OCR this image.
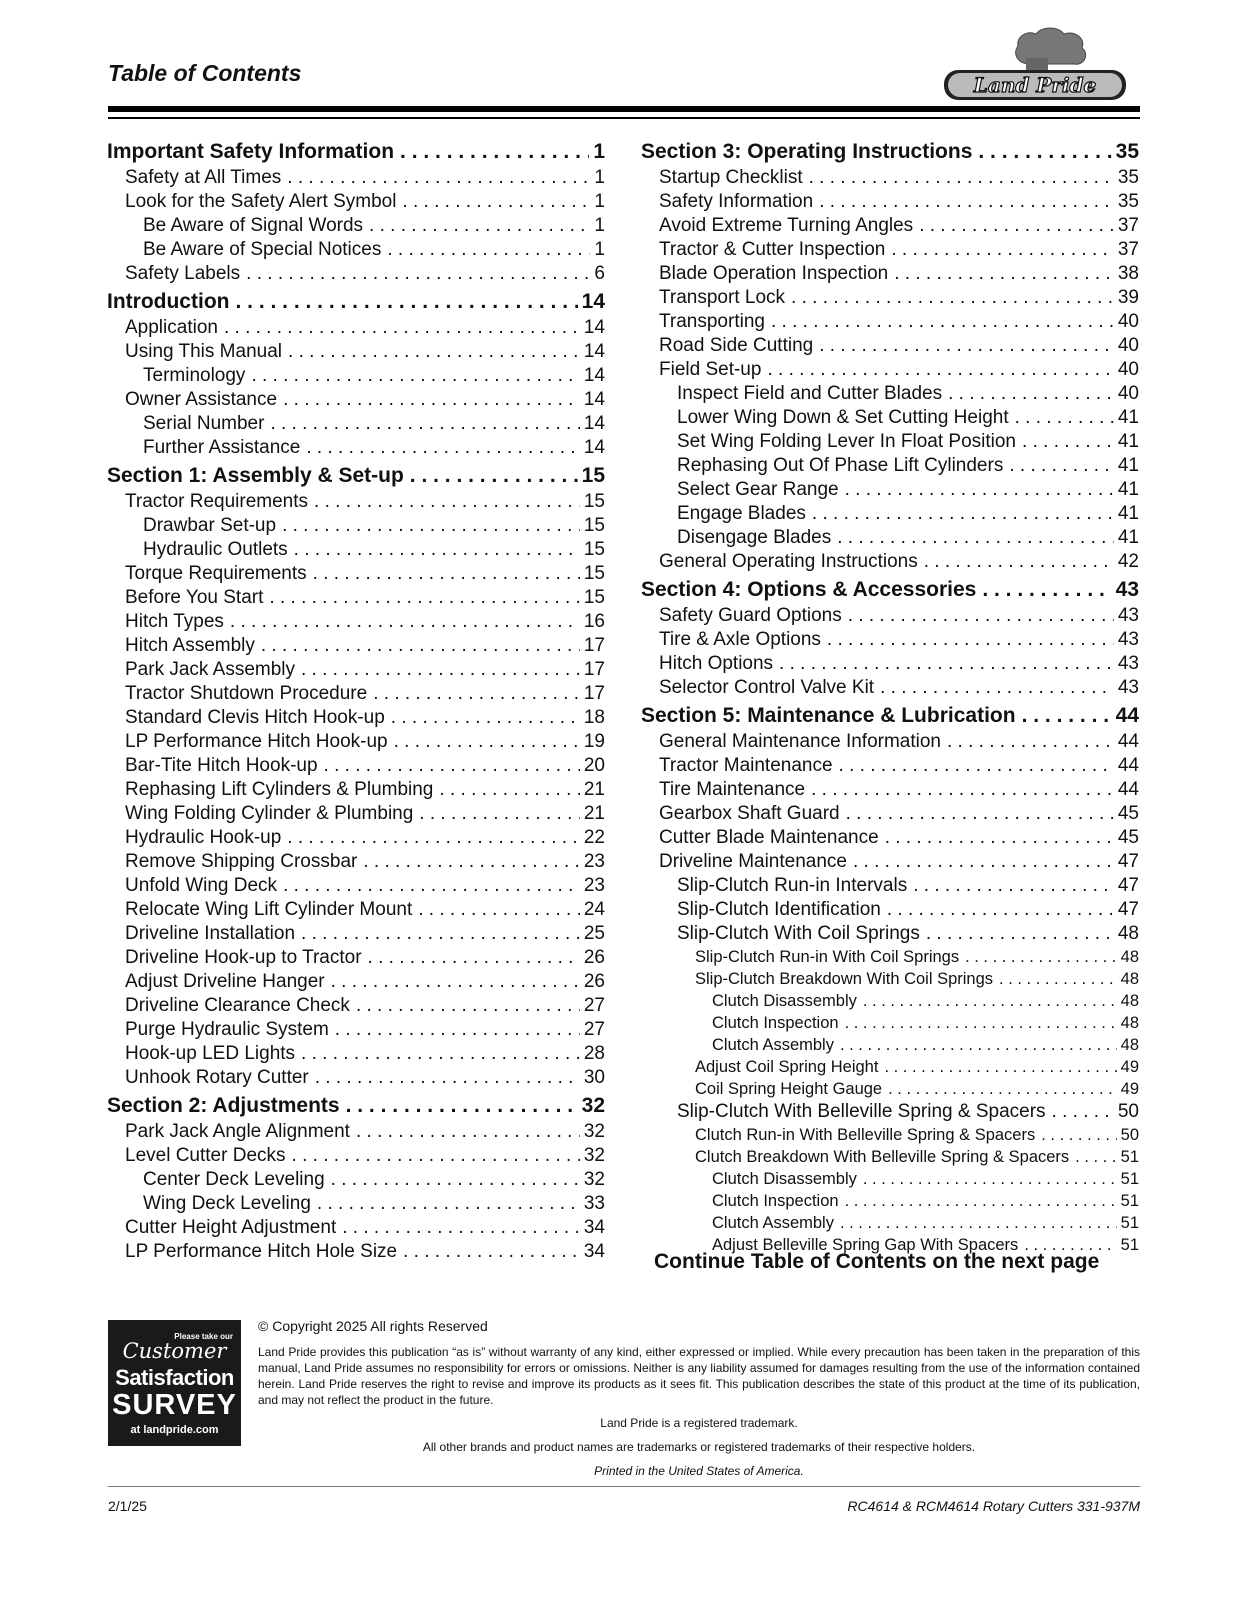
Table of Contents	Land Pride
Important Safety Information . . .	1
Safety at All Times . . .	1
Look for the Safety Alert Symbol . . .	1
Be Aware of Signal Words . . .	1
Be Aware of Special Notices . . .	1
Safety Labels . . .	6
Introduction . . .	14
Application . . .	14
Using This Manual . . .	14
Terminology . . .	14
Owner Assistance . . .	14
Serial Number . . .	14
Further Assistance . . .	14
Section 1: Assembly & Set-up . . .	15
Tractor Requirements . . .	15
Drawbar Set-up . . .	15
Hydraulic Outlets . . .	15
Torque Requirements . . .	15
Before You Start . . .	15
Hitch Types . . .	16
Hitch Assembly . . .	17
Park Jack Assembly . . .	17
Tractor Shutdown Procedure . . .	17
Standard Clevis Hitch Hook-up . . .	18
LP Performance Hitch Hook-up . . .	19
Bar-Tite Hitch Hook-up . . .	20
Rephasing Lift Cylinders & Plumbing . . .	21
Wing Folding Cylinder & Plumbing . . .	21
Hydraulic Hook-up . . .	22
Remove Shipping Crossbar . . .	23
Unfold Wing Deck . . .	23
Relocate Wing Lift Cylinder Mount . . .	24
Driveline Installation . . .	25
Driveline Hook-up to Tractor . . .	26
Adjust Driveline Hanger . . .	26
Driveline Clearance Check . . .	27
Purge Hydraulic System . . .	27
Hook-up LED Lights . . .	28
Unhook Rotary Cutter . . .	30
Section 2: Adjustments . . .	32
Park Jack Angle Alignment . . .	32
Level Cutter Decks . . .	32
Center Deck Leveling . . .	32
Wing Deck Leveling . . .	33
Cutter Height Adjustment . . .	34
LP Performance Hitch Hole Size . . .	34
Section 3: Operating Instructions . . .	35
Startup Checklist . . .	35
Safety Information . . .	35
Avoid Extreme Turning Angles . . .	37
Tractor & Cutter Inspection . . .	37
Blade Operation Inspection . . .	38
Transport Lock . . .	39
Transporting . . .	40
Road Side Cutting . . .	40
Field Set-up . . .	40
Inspect Field and Cutter Blades . . .	40
Lower Wing Down & Set Cutting Height . . .	41
Set Wing Folding Lever In Float Position . . .	41
Rephasing Out Of Phase Lift Cylinders . . .	41
Select Gear Range . . .	41
Engage Blades . . .	41
Disengage Blades . . .	41
General Operating Instructions . . .	42
Section 4: Options & Accessories . . .	43
Safety Guard Options . . .	43
Tire & Axle Options . . .	43
Hitch Options . . .	43
Selector Control Valve Kit . . .	43
Section 5: Maintenance & Lubrication . . .	44
General Maintenance Information . . .	44
Tractor Maintenance . . .	44
Tire Maintenance . . .	44
Gearbox Shaft Guard . . .	45
Cutter Blade Maintenance . . .	45
Driveline Maintenance . . .	47
Slip-Clutch Run-in Intervals . . .	47
Slip-Clutch Identification . . .	47
Slip-Clutch With Coil Springs . . .	48
Slip-Clutch Run-in With Coil Springs . . .	48
Slip-Clutch Breakdown With Coil Springs . . .	48
Clutch Disassembly . . .	48
Clutch Inspection . . .	48
Clutch Assembly . . .	48
Adjust Coil Spring Height . . .	49
Coil Spring Height Gauge . . .	49
Slip-Clutch With Belleville Spring & Spacers . . .	50
Clutch Run-in With Belleville Spring & Spacers . . .	50
Clutch Breakdown With Belleville Spring & Spacers . . .	51
Clutch Disassembly . . .	51
Clutch Inspection . . .	51
Clutch Assembly . . .	51
Adjust Belleville Spring Gap With Spacers . . .	51
Continue Table of Contents on the next page
Please take our
Customer
Satisfaction
SURVEY
at landpride.com
© Copyright 2025 All rights Reserved
Land Pride provides this publication “as is” without warranty of any kind, either expressed or implied. While every precaution has been taken in the preparation of this manual, Land Pride assumes no responsibility for errors or omissions. Neither is any liability assumed for damages resulting from the use of the information contained herein. Land Pride reserves the right to revise and improve its products as it sees fit. This publication describes the state of this product at the time of its publication, and may not reflect the product in the future.
Land Pride is a registered trademark.
All other brands and product names are trademarks or registered trademarks of their respective holders.
Printed in the United States of America.
2/1/25	RC4614 & RCM4614 Rotary Cutters 331-937M
